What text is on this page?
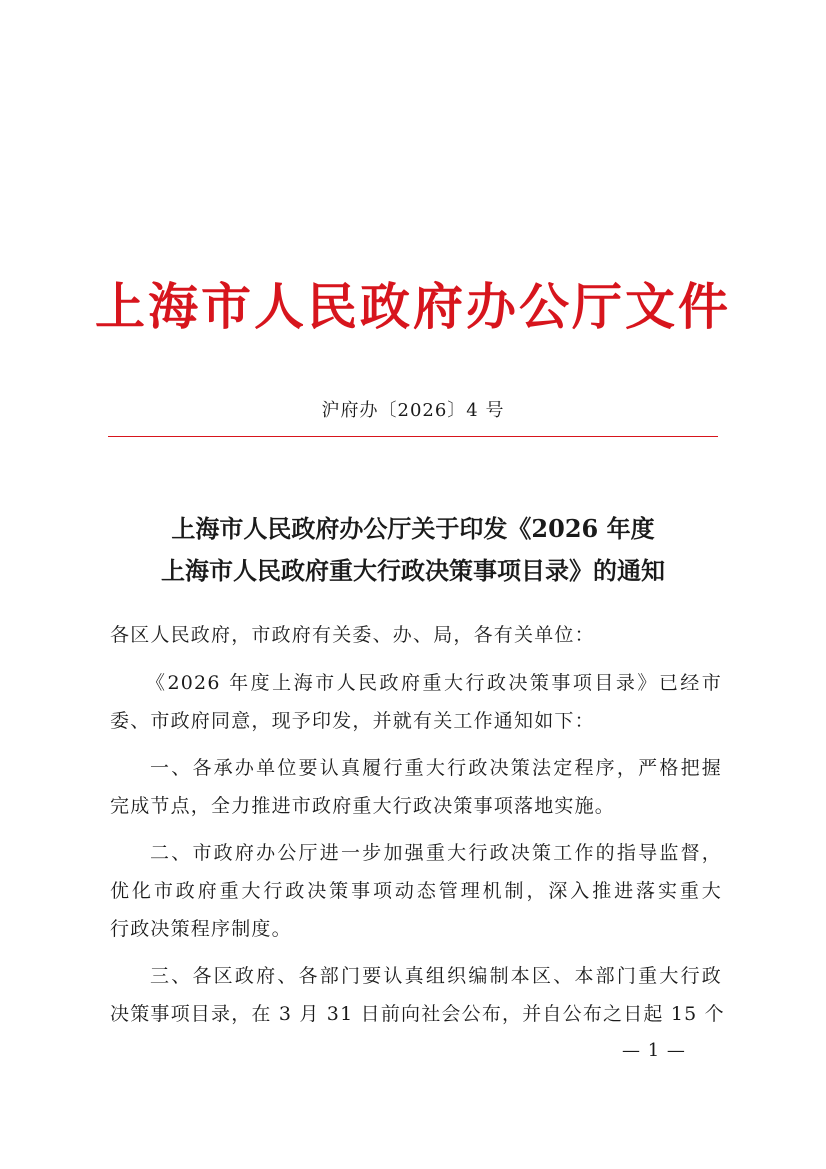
上海市人民政府办公厅文件
沪府办〔2026〕4 号
上海市人民政府办公厅关于印发《2026 年度
上海市人民政府重大行政决策事项目录》的通知
各区人民政府，市政府有关委、办、局，各有关单位：
《2026 年度上海市人民政府重大行政决策事项目录》已经市
委、市政府同意，现予印发，并就有关工作通知如下：
一、各承办单位要认真履行重大行政决策法定程序，严格把握
完成节点，全力推进市政府重大行政决策事项落地实施。
二、市政府办公厅进一步加强重大行政决策工作的指导监督，
优化市政府重大行政决策事项动态管理机制，深入推进落实重大
行政决策程序制度。
三、各区政府、各部门要认真组织编制本区、本部门重大行政
决策事项目录，在 3 月 31 日前向社会公布，并自公布之日起 15 个
— 1 —
